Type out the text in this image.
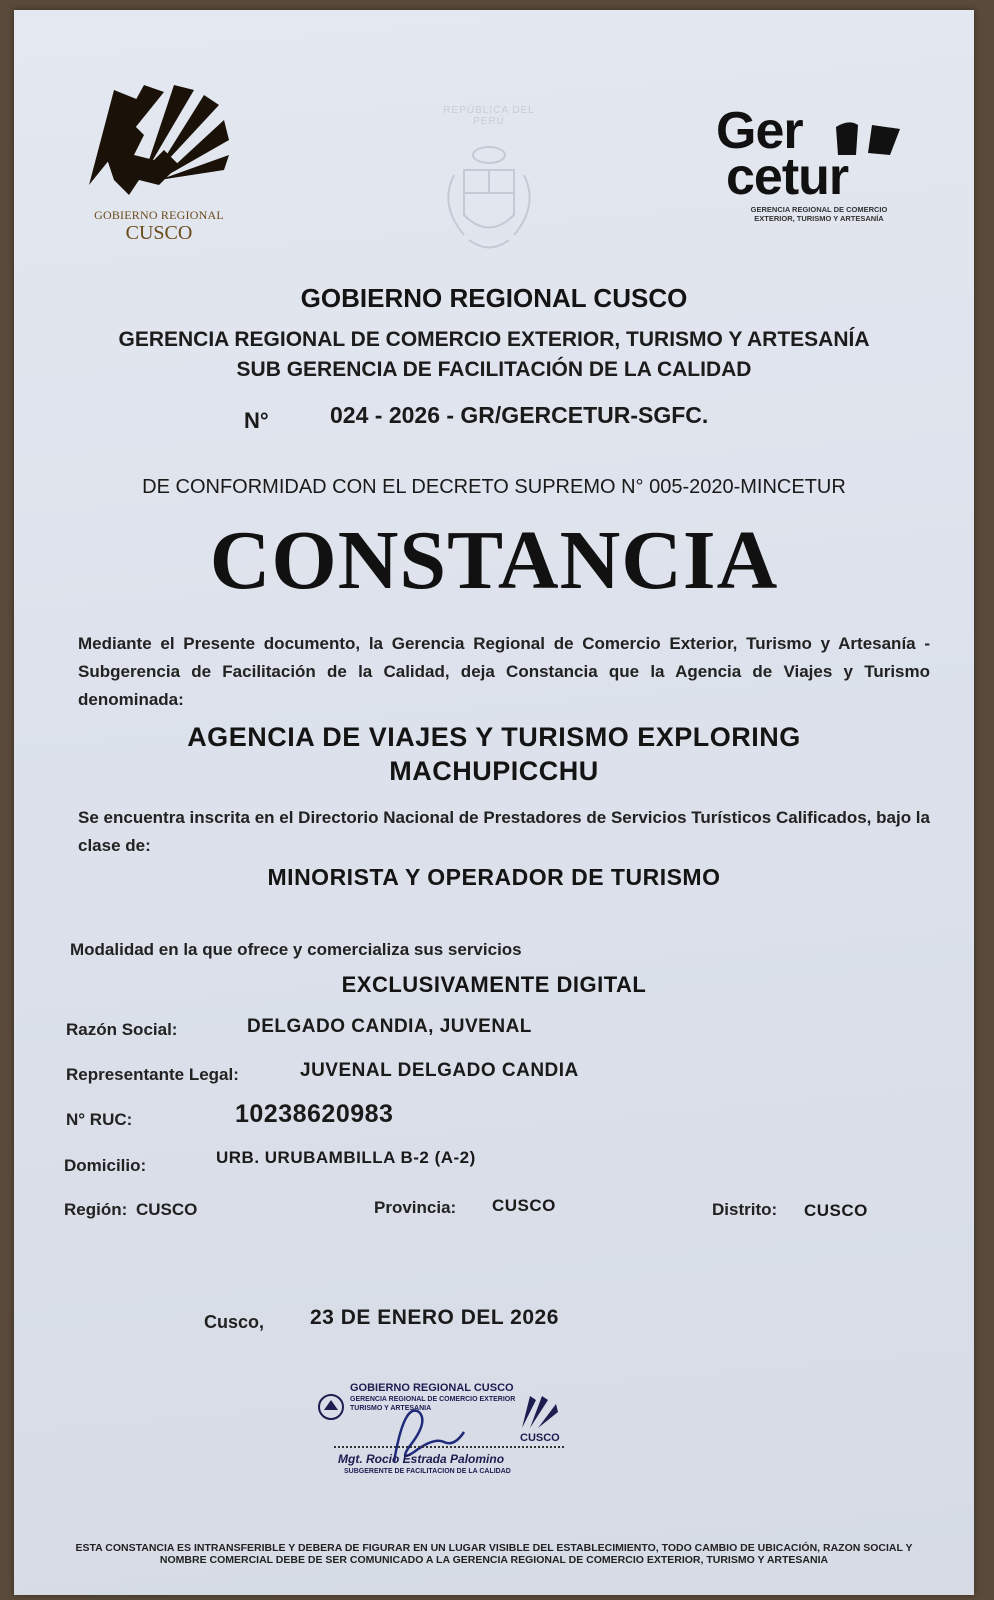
GOBIERNO REGIONAL
CUSCO
REPÚBLICA DEL PERÚ	Ger
cetur
GERENCIA REGIONAL DE COMERCIO
EXTERIOR, TURISMO Y ARTESANÍA
GOBIERNO REGIONAL CUSCO
GERENCIA REGIONAL DE COMERCIO EXTERIOR, TURISMO Y ARTESANÍA
SUB GERENCIA DE FACILITACIÓN DE LA CALIDAD
N°	024 - 2026 - GR/GERCETUR-SGFC.
DE CONFORMIDAD CON EL DECRETO SUPREMO N° 005-2020-MINCETUR
CONSTANCIA
Mediante el Presente documento, la Gerencia Regional de Comercio Exterior, Turismo y Artesanía - Subgerencia de Facilitación de la Calidad, deja Constancia que la Agencia de Viajes y Turismo denominada:
AGENCIA DE VIAJES Y TURISMO EXPLORING
MACHUPICCHU
Se encuentra inscrita en el Directorio Nacional de Prestadores de Servicios Turísticos Calificados, bajo la clase de:
MINORISTA Y OPERADOR DE TURISMO
Modalidad en la que ofrece y comercializa sus servicios
EXCLUSIVAMENTE DIGITAL
Razón Social:	DELGADO CANDIA, JUVENAL
Representante Legal:	JUVENAL DELGADO CANDIA
N° RUC:	10238620983
Domicilio:	URB. URUBAMBILLA B-2 (A-2)
Región: CUSCO	Provincia: CUSCO	Distrito: CUSCO
Cusco, 23 DE ENERO DEL 2026
GOBIERNO REGIONAL CUSCO
GERENCIA REGIONAL DE COMERCIO EXTERIOR TURISMO Y ARTESANIA
CUSCO
Mgt. Rocio Estrada Palomino
SUBGERENTE DE FACILITACION DE LA CALIDAD
ESTA CONSTANCIA ES INTRANSFERIBLE Y DEBERA DE FIGURAR EN UN LUGAR VISIBLE DEL ESTABLECIMIENTO, TODO CAMBIO DE UBICACIÓN, RAZON SOCIAL Y
NOMBRE COMERCIAL DEBE DE SER COMUNICADO A LA GERENCIA REGIONAL DE COMERCIO EXTERIOR, TURISMO Y ARTESANIA
